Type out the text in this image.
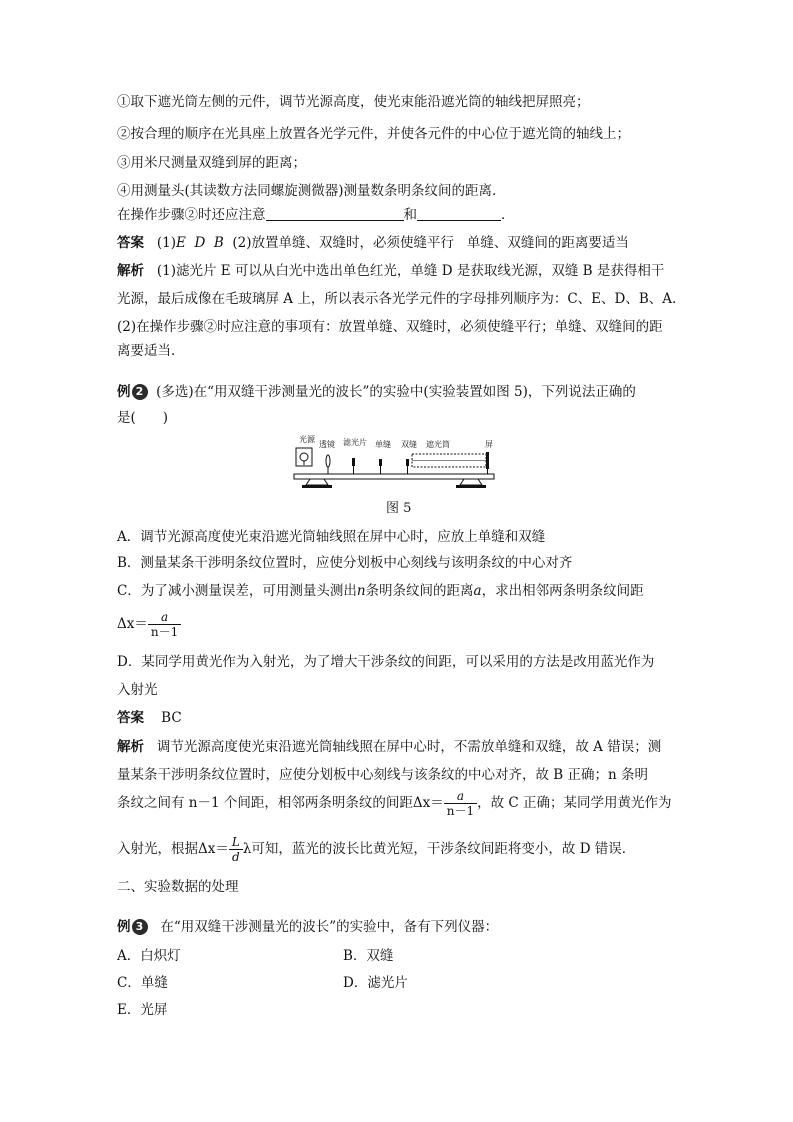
①取下遮光筒左侧的元件，调节光源高度，使光束能沿遮光筒的轴线把屏照亮；
②按合理的顺序在光具座上放置各光学元件，并使各元件的中心位于遮光筒的轴线上；
③用米尺测量双缝到屏的距离；
④用测量头(其读数方法同螺旋测微器)测量数条明条纹间的距离．
在操作步骤②时还应注意	和	．
答案 (1)E D B (2)放置单缝、双缝时，必须使缝平行 单缝、双缝间的距离要适当
解析 (1)滤光片 E 可以从白光中选出单色红光，单缝 D 是获取线光源，双缝 B 是获得相干
光源，最后成像在毛玻璃屏 A 上，所以表示各光学元件的字母排列顺序为：C、E、D、B、A.
(2)在操作步骤②时应注意的事项有：放置单缝、双缝时，必须使缝平行；单缝、双缝间的距
离要适当．
例 2 (多选)在“用双缝干涉测量光的波长”的实验中(实验装置如图 5)，下列说法正确的
是(　　)
光源
透镜 滤光片 单缝 双缝 遮光筒	屏
图 5
A．调节光源高度使光束沿遮光筒轴线照在屏中心时，应放上单缝和双缝
B．测量某条干涉明条纹位置时，应使分划板中心刻线与该明条纹的中心对齐
C．为了减小测量误差，可用测量头测出n条明条纹间的距离a，求出相邻两条明条纹间距
$\Delta x= \frac{a}{n-1}$
D．某同学用黄光作为入射光，为了增大干涉条纹的间距，可以采用的方法是改用蓝光作为
入射光
答案 BC
解析 调节光源高度使光束沿遮光筒轴线照在屏中心时，不需放单缝和双缝，故 A 错误；测
量某条干涉明条纹位置时，应使分划板中心刻线与该条纹的中心对齐，故 B 正确；n 条明
条纹之间有 n－1 个间距，相邻两条明条纹的间距$\Delta x= \frac{a}{n-1}$ ，故 C 正确；某同学用黄光作为
入射光，根据$\Delta x= \frac{L}{d}$ λ可知，蓝光的波长比黄光短，干涉条纹间距将变小，故 D 错误．
二、实验数据的处理
例 3 在“用双缝干涉测量光的波长”的实验中，备有下列仪器：
A．白炽灯	B．双缝
C．单缝	D．滤光片
E．光屏
